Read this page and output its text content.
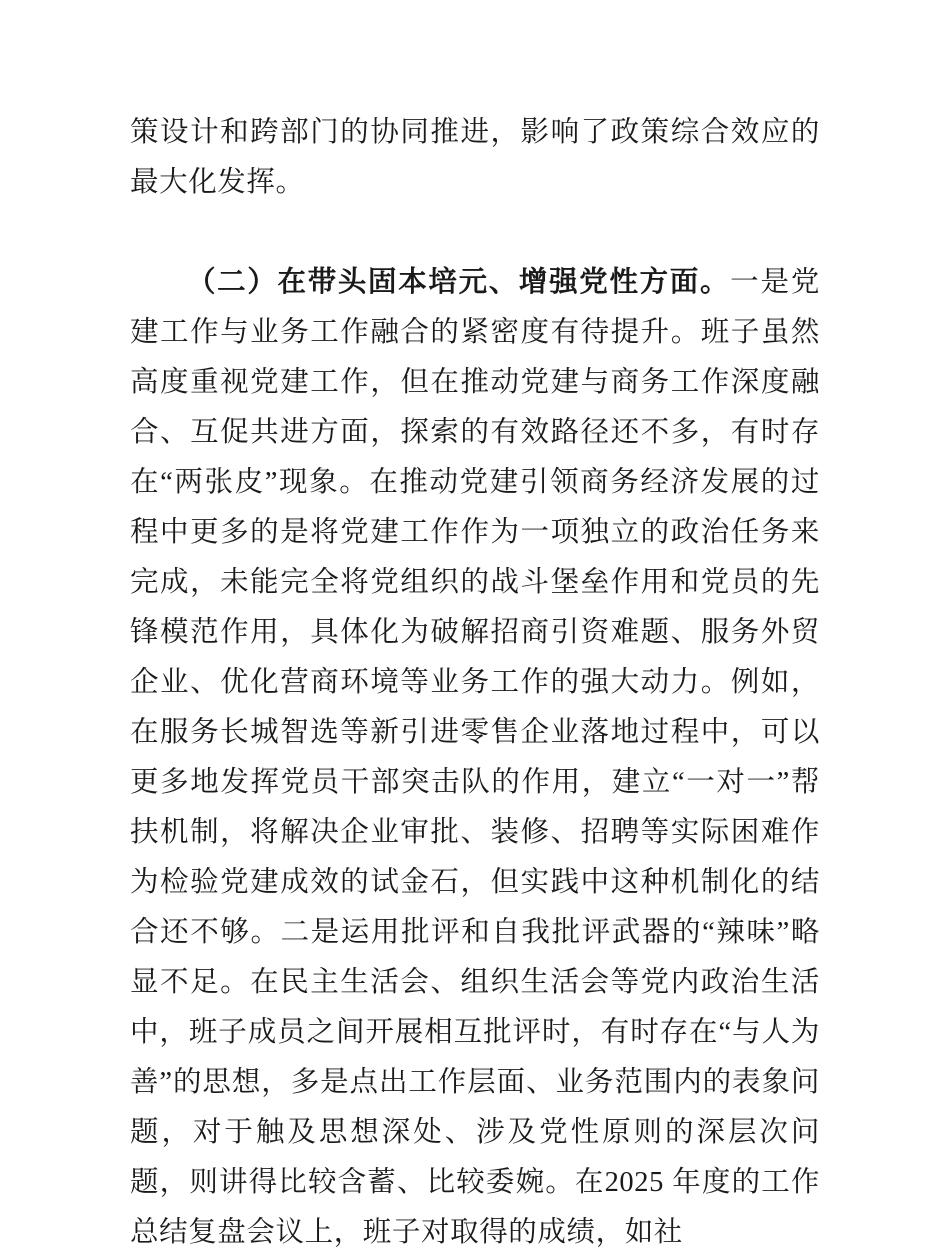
策设计和跨部门的协同推进，影响了政策综合效应的最大化发挥。

（二）在带头固本培元、增强党性方面。一是党建工作与业务工作融合的紧密度有待提升。班子虽然高度重视党建工作，但在推动党建与商务工作深度融合、互促共进方面，探索的有效路径还不多，有时存在“两张皮”现象。在推动党建引领商务经济发展的过程中更多的是将党建工作作为一项独立的政治任务来完成，未能完全将党组织的战斗堡垒作用和党员的先锋模范作用，具体化为破解招商引资难题、服务外贸企业、优化营商环境等业务工作的强大动力。例如，在服务长城智选等新引进零售企业落地过程中，可以更多地发挥党员干部突击队的作用，建立“一对一”帮扶机制，将解决企业审批、装修、招聘等实际困难作为检验党建成效的试金石，但实践中这种机制化的结合还不够。二是运用批评和自我批评武器的“辣味”略显不足。在民主生活会、组织生活会等党内政治生活中，班子成员之间开展相互批评时，有时存在“与人为善”的思想，多是点出工作层面、业务范围内的表象问题，对于触及思想深处、涉及党性原则的深层次问题，则讲得比较含蓄、比较委婉。在2025 年度的工作总结复盘会议上，班子对取得的成绩，如社
